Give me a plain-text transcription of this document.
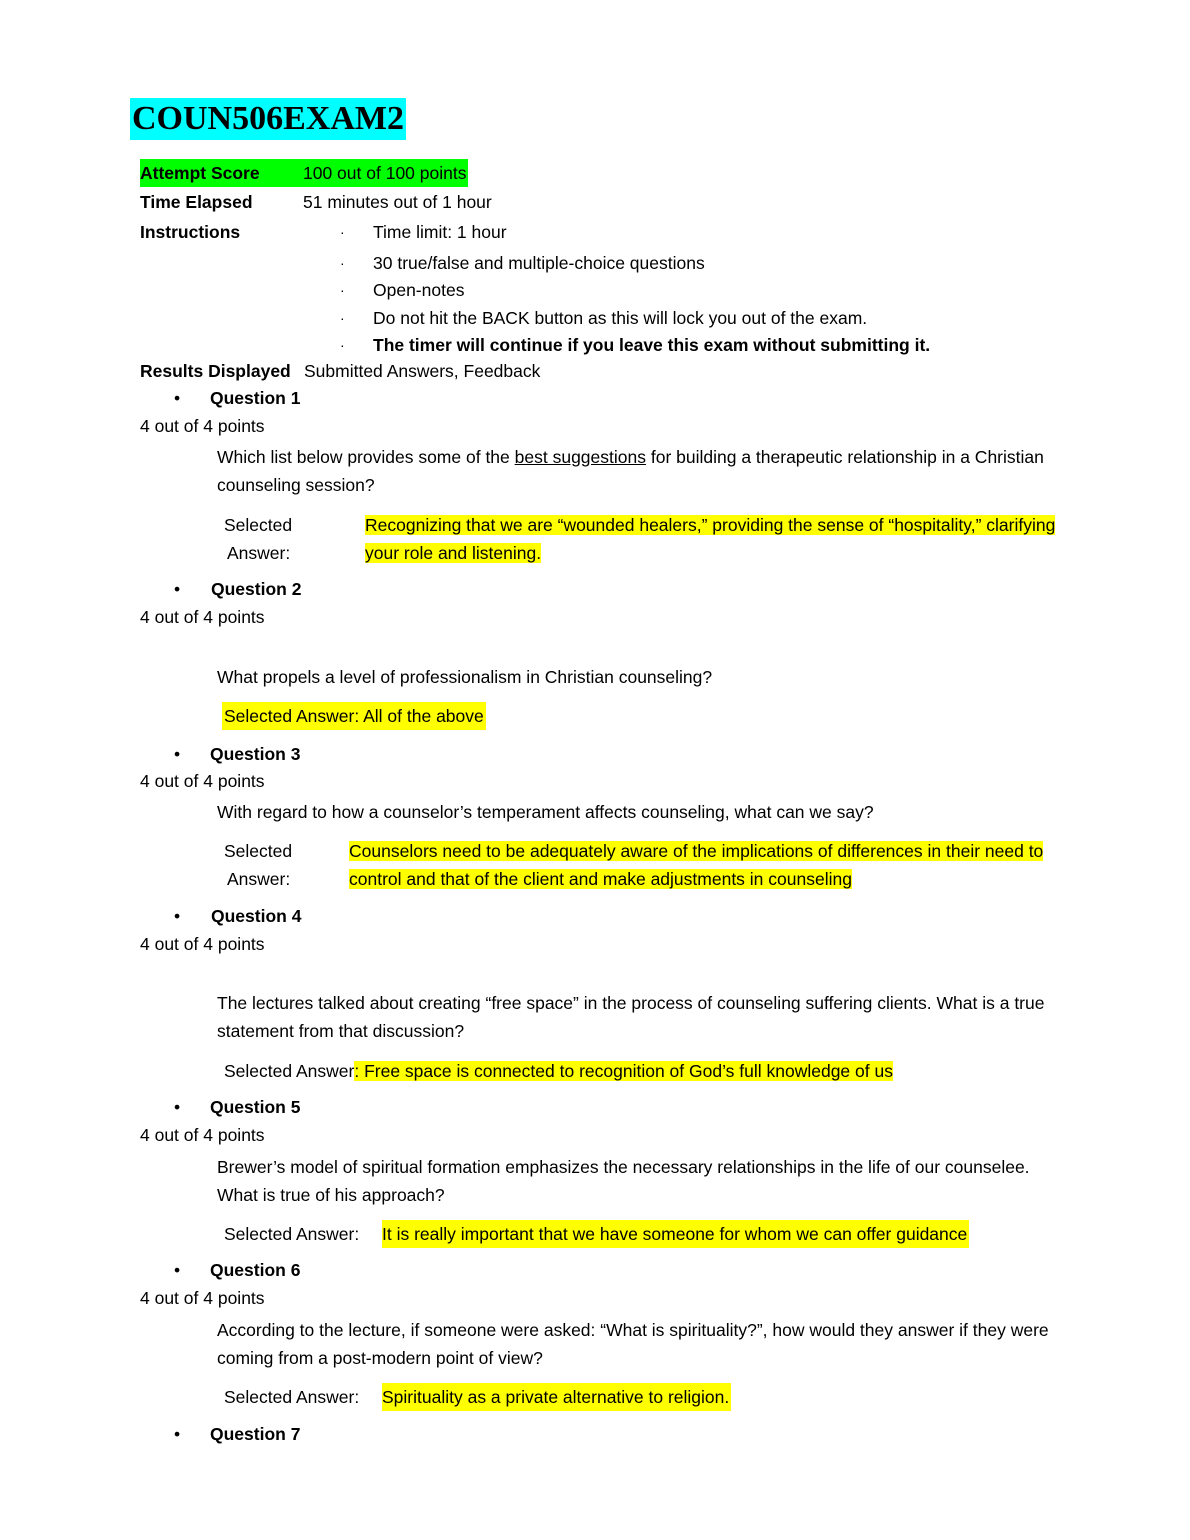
COUN506EXAM2
Attempt Score	100 out of 100 points
Time Elapsed	51 minutes out of 1 hour
Instructions	· Time limit: 1 hour
· 30 true/false and multiple-choice questions
· Open-notes
· Do not hit the BACK button as this will lock you out of the exam.
· The timer will continue if you leave this exam without submitting it.
Results Displayed Submitted Answers, Feedback
• Question 1
4 out of 4 points
Which list below provides some of the best suggestions for building a therapeutic relationship in a Christian counseling session?
Selected
Answer:
Recognizing that we are “wounded healers,” providing the sense of “hospitality,” clarifying your role and listening.
• Question 2
4 out of 4 points
What propels a level of professionalism in Christian counseling?
Selected Answer: All of the above
• Question 3
4 out of 4 points
With regard to how a counselor’s temperament affects counseling, what can we say?
Selected
Answer:
Counselors need to be adequately aware of the implications of differences in their need to control and that of the client and make adjustments in counseling
• Question 4
4 out of 4 points
The lectures talked about creating “free space” in the process of counseling suffering clients. What is a true statement from that discussion?
Selected Answer: Free space is connected to recognition of God’s full knowledge of us
• Question 5
4 out of 4 points
Brewer’s model of spiritual formation emphasizes the necessary relationships in the life of our counselee. What is true of his approach?
Selected Answer: It is really important that we have someone for whom we can offer guidance
• Question 6
4 out of 4 points
According to the lecture, if someone were asked: “What is spirituality?”, how would they answer if they were coming from a post-modern point of view?
Selected Answer: Spirituality as a private alternative to religion.
• Question 7
